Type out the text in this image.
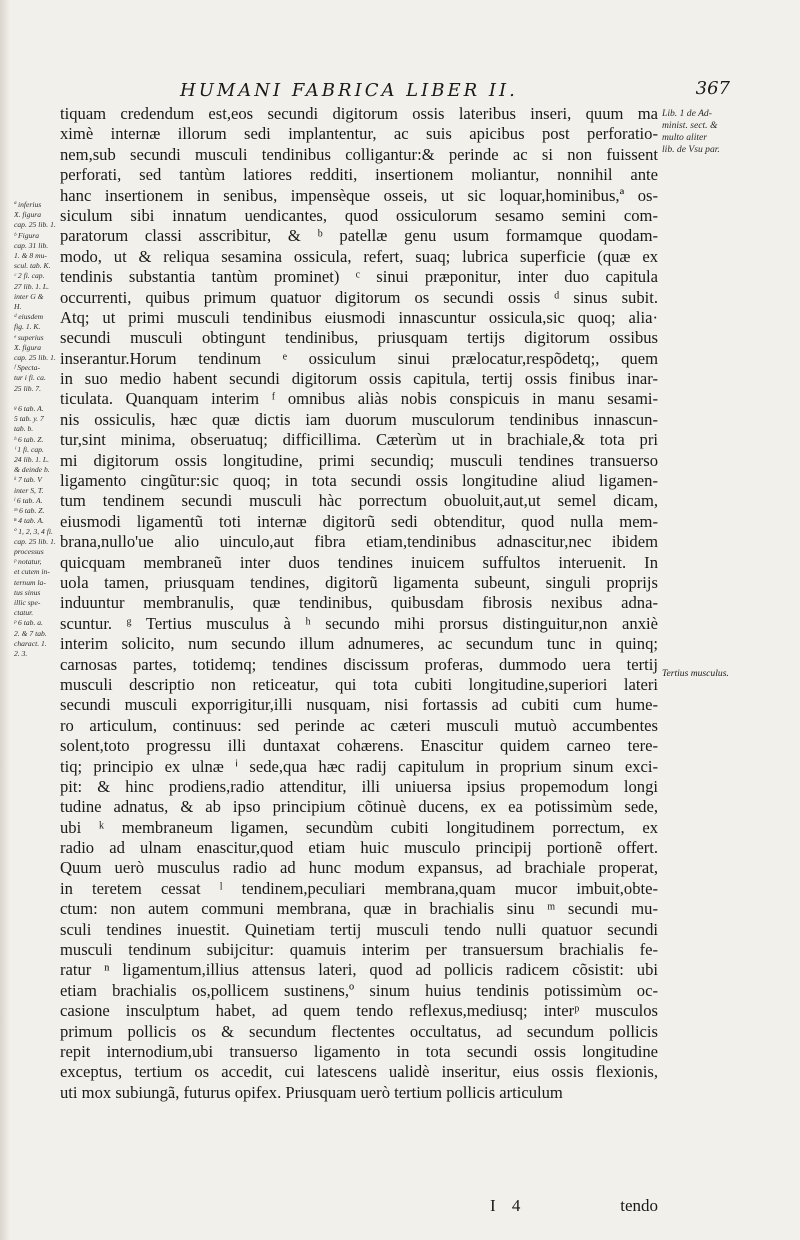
HUMANI FABRICA LIBER II.	367
Lib. 1 de Ad-
minist. sect. &
multo aliter
lib. de Vsu par.
Tertius musculus.
ª inferius
X. figura
cap. 25 lib. 1.
ᵇ Figura
cap. 31 lib.
1. & 8 mu-
scul. tab. K.
ᶜ 2 fi. cap.
27 lib. 1. L.
inter G &
H.
ᵈ eiusdem
fig. 1. K.
ᵉ superius
X. figura
cap. 25 lib. 1.
ᶠ Specta-
tur i fi. ca.
25 lib. 7.

ᵍ 6 tab. A.
5 tab. y. 7
tab. b.
ʰ 6 tab. Z.
ⁱ 1 fi. cap.
24 lib. 1. L.
& deinde b.
ᵏ 7 tab. V
inter S, T.
ˡ 6 tab. A.
ᵐ 6 tab. Z.
ⁿ 4 tab. A.
º 1, 2, 3, 4 fi.
cap. 25 lib. 1.
processus
ᵖ notatur,
et cutem in-
ternum la-
tus sinus
illic spe-
ctatur.
ᵖ 6 tab. a.
2. & 7 tab.
charact. 1.
2. 3.
tiquam credendum est,eos secundi digitorum ossis lateribus inseri, quum ma
ximè internæ illorum sedi implantentur, ac suis apicibus post perforatio-
nem,sub secundi musculi tendinibus colligantur:& perinde ac si non fuissent
perforati, sed tantùm latiores redditi, insertionem moliantur, nonnihil ante
hanc insertionem in senibus, impensèque osseis, ut sic loquar,hominibus,ª os-
siculum sibi innatum uendicantes, quod ossiculorum sesamo semini com-
paratorum classi asscribitur, & ᵇ patellæ genu usum formamque quodam-
modo, ut & reliqua sesamina ossicula, refert, suaq; lubrica superficie (quæ ex
tendinis substantia tantùm prominet) ᶜ sinui præponitur, inter duo capitula
occurrenti, quibus primum quatuor digitorum os secundi ossis ᵈ sinus subit.
Atq; ut primi musculi tendinibus eiusmodi innascuntur ossicula,sic quoq; alia·
secundi musculi obtingunt tendinibus, priusquam tertijs digitorum ossibus
inserantur.Horum tendinum ᵉ ossiculum sinui prælocatur,respõdetq;, quem
in suo medio habent secundi digitorum ossis capitula, tertij ossis finibus inar-
ticulata. Quanquam interim ᶠ omnibus aliàs nobis conspicuis in manu sesami-
nis ossiculis, hæc quæ dictis iam duorum musculorum tendinibus innascun-
tur,sint minima, obseruatuq; difficillima. Cæterùm ut in brachiale,& tota pri
mi digitorum ossis longitudine, primi secundiq; musculi tendines transuerso
ligamento cingũtur:sic quoq; in tota secundi ossis longitudine aliud ligamen-
tum tendinem secundi musculi hàc porrectum obuoluit,aut,ut semel dicam,
eiusmodi ligamentũ toti internæ digitorũ sedi obtenditur, quod nulla mem-
brana,nullo'ue alio uinculo,aut fibra etiam,tendinibus adnascitur,nec ibidem
quicquam membraneũ inter duos tendines inuicem suffultos interuenit. In
uola tamen, priusquam tendines, digitorũ ligamenta subeunt, singuli proprijs
induuntur membranulis, quæ tendinibus, quibusdam fibrosis nexibus adna-
scuntur. ᵍ Tertius musculus à ʰ secundo mihi prorsus distinguitur,non anxiè
interim solicito, num secundo illum adnumeres, ac secundum tunc in quinq;
carnosas partes, totidemq; tendines discissum proferas, dummodo uera tertij
musculi descriptio non reticeatur, qui tota cubiti longitudine,superiori lateri
secundi musculi exporrigitur,illi nusquam, nisi fortassis ad cubiti cum hume-
ro articulum, continuus: sed perinde ac cæteri musculi mutuò accumbentes
solent,toto progressu illi duntaxat cohærens. Enascitur quidem carneo tere-
tiq; principio ex ulnæ ⁱ sede,qua hæc radij capitulum in proprium sinum exci-
pit: & hinc prodiens,radio attenditur, illi uniuersa ipsius propemodum longi
tudine adnatus, & ab ipso principium cõtinuè ducens, ex ea potissimùm sede,
ubi ᵏ membraneum ligamen, secundùm cubiti longitudinem porrectum, ex
radio ad ulnam enascitur,quod etiam huic musculo principij portionẽ offert.
Quum uerò musculus radio ad hunc modum expansus, ad brachiale properat,
in teretem cessat ˡ tendinem,peculiari membrana,quam mucor imbuit,obte-
ctum: non autem communi membrana, quæ in brachialis sinu ᵐ secundi mu-
sculi tendines inuestit. Quinetiam tertij musculi tendo nulli quatuor secundi
musculi tendinum subijcitur: quamuis interim per transuersum brachialis fe-
ratur ⁿ ligamentum,illius attensus lateri, quod ad pollicis radicem cõsistit: ubi
etiam brachialis os,pollicem sustinens,º sinum huius tendinis potissimùm oc-
casione insculptum habet, ad quem tendo reflexus,mediusq; interᵖ musculos
primum pollicis os & secundum flectentes occultatus, ad secundum pollicis
repit internodium,ubi transuerso ligamento in tota secundi ossis longitudine
exceptus, tertium os accedit, cui latescens ualidè inseritur, eius ossis flexionis,
uti mox subiungã, futurus opifex. Priusquam uerò tertium pollicis articulum
I 4	tendo
